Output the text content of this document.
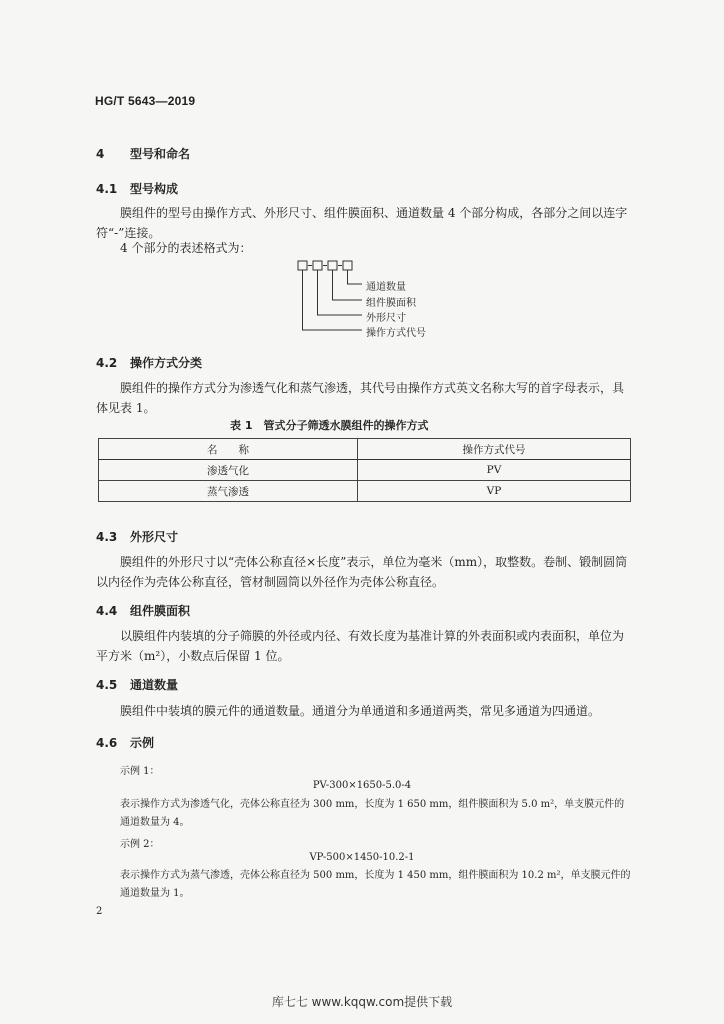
HG/T 5643—2019
4 型号和命名
4.1 型号构成
膜组件的型号由操作方式、外形尺寸、组件膜面积、通道数量 4 个部分构成，各部分之间以连字符“-”连接。
4 个部分的表述格式为：
通道数量
组件膜面积
外形尺寸
操作方式代号
4.2 操作方式分类
膜组件的操作方式分为渗透气化和蒸气渗透，其代号由操作方式英文名称大写的首字母表示，具体见表 1。
表 1　管式分子筛透水膜组件的操作方式
名　　称	操作方式代号
渗透气化	PV
蒸气渗透	VP
4.3 外形尺寸
膜组件的外形尺寸以“壳体公称直径×长度”表示，单位为毫米（mm），取整数。卷制、锻制圆筒以内径作为壳体公称直径，管材制圆筒以外径作为壳体公称直径。
4.4 组件膜面积
以膜组件内装填的分子筛膜的外径或内径、有效长度为基准计算的外表面积或内表面积，单位为平方米（m²），小数点后保留 1 位。
4.5 通道数量
膜组件中装填的膜元件的通道数量。通道分为单通道和多通道两类，常见多通道为四通道。
4.6 示例
示例 1：
PV-300×1650-5.0-4
表示操作方式为渗透气化，壳体公称直径为 300 mm，长度为 1 650 mm，组件膜面积为 5.0 m²，单支膜元件的通道数量为 4。
示例 2：
VP-500×1450-10.2-1
表示操作方式为蒸气渗透，壳体公称直径为 500 mm，长度为 1 450 mm，组件膜面积为 10.2 m²，单支膜元件的通道数量为 1。
2
库七七 www.kqqw.com提供下载
